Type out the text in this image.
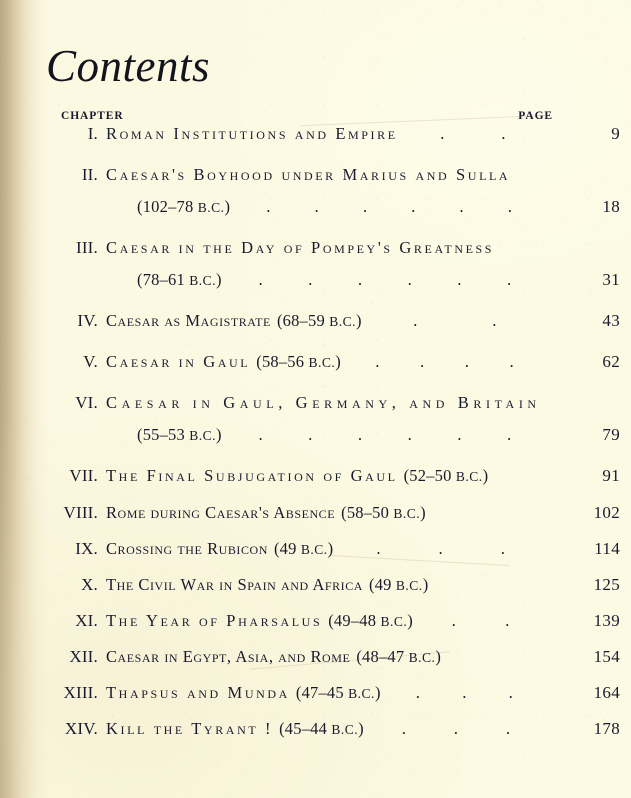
Contents
CHAPTER	PAGE
I. Roman Institutions and Empire .	.	9
II. Caesar's Boyhood under Marius and Sulla
(102–78 B.C.) .	.	.	.	.	.	18
III. Caesar in the Day of Pompey's Greatness
(78–61 B.C.) .	.	.	.	.	.	31
IV. Caesar as Magistrate (68–59 B.C.)	.	.	43
V. Caesar in Gaul (58–56 B.C.) . . . .	62
VI. Caesar in Gaul, Germany, and Britain
(55–53 B.C.) .	.	.	.	.	.	79
VII. The Final Subjugation of Gaul (52–50 B.C.)	91
VIII. Rome during Caesar's Absence (58–50 B.C.)	102
IX. Crossing the Rubicon (49 B.C.)	.	.	.	114
X. The Civil War in Spain and Africa (49 B.C.)	125
XI. The Year of Pharsalus (49–48 B.C.) .	.	139
XII. Caesar in Egypt, Asia, and Rome (48–47 B.C.)	154
XIII. Thapsus and Munda (47–45 B.C.) . . .	164
XIV. Kill the Tyrant ! (45–44 B.C.) .	.	.	178
